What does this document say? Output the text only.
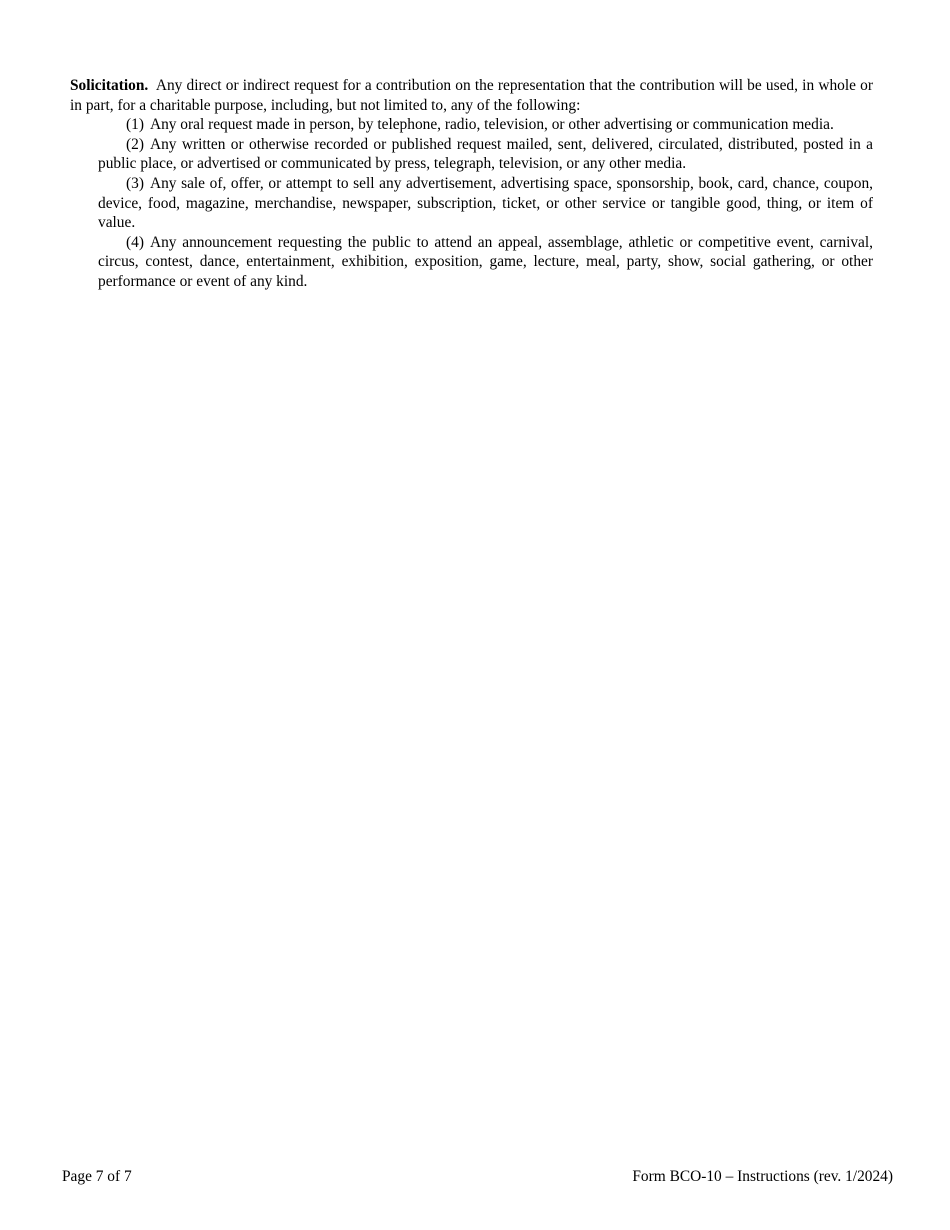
Solicitation. Any direct or indirect request for a contribution on the representation that the contribution will be used, in whole or in part, for a charitable purpose, including, but not limited to, any of the following:

(1) Any oral request made in person, by telephone, radio, television, or other advertising or communication media.
(2) Any written or otherwise recorded or published request mailed, sent, delivered, circulated, distributed, posted in a public place, or advertised or communicated by press, telegraph, television, or any other media.
(3) Any sale of, offer, or attempt to sell any advertisement, advertising space, sponsorship, book, card, chance, coupon, device, food, magazine, merchandise, newspaper, subscription, ticket, or other service or tangible good, thing, or item of value.
(4) Any announcement requesting the public to attend an appeal, assemblage, athletic or competitive event, carnival, circus, contest, dance, entertainment, exhibition, exposition, game, lecture, meal, party, show, social gathering, or other performance or event of any kind.
Page 7 of 7	Form BCO-10 – Instructions (rev. 1/2024)
